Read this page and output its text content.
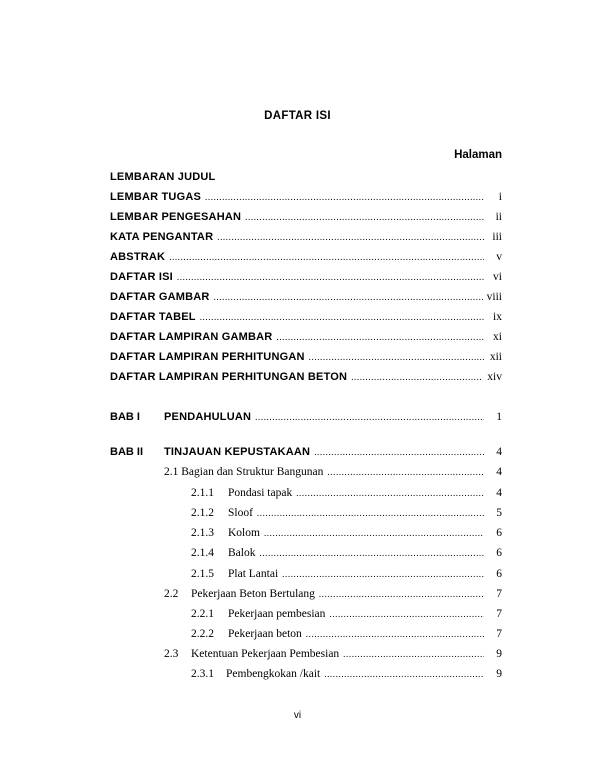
DAFTAR ISI
Halaman
LEMBARAN JUDUL
LEMBAR TUGAS .....	i
LEMBAR PENGESAHAN .....	ii
KATA PENGANTAR .....	iii
ABSTRAK .....	v
DAFTAR ISI .....	vi
DAFTAR GAMBAR .....	viii
DAFTAR TABEL .....	ix
DAFTAR LAMPIRAN GAMBAR .....	xi
DAFTAR LAMPIRAN PERHITUNGAN .....	xii
DAFTAR LAMPIRAN PERHITUNGAN BETON .....	xiv
BAB I PENDAHULUAN .....	1
BAB II TINJAUAN KEPUSTAKAAN .....	4
2.1 Bagian dan Struktur Bangunan .....	4
2.1.1 Pondasi tapak .....	4
2.1.2 Sloof .....	5
2.1.3 Kolom .....	6
2.1.4 Balok .....	6
2.1.5 Plat Lantai .....	6
2.2 Pekerjaan Beton Bertulang .....	7
2.2.1 Pekerjaan pembesian .....	7
2.2.2 Pekerjaan beton .....	7
2.3 Ketentuan Pekerjaan Pembesian .....	9
2.3.1 Pembengkokan /kait .....	9
vi
